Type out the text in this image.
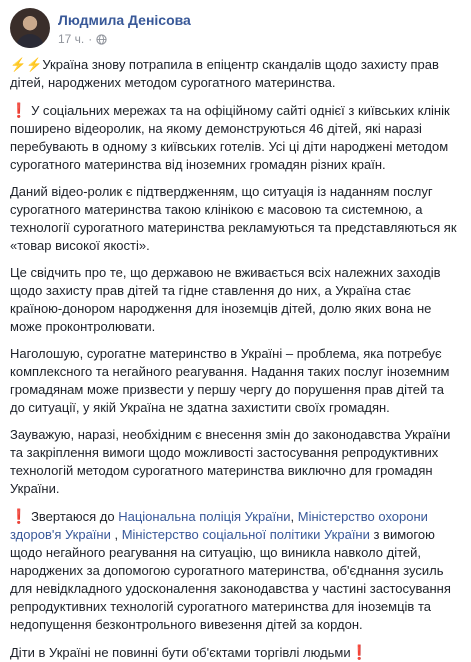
Людмила Денісова
17 ч. ·

⚡⚡Україна знову потрапила в епіцентр скандалів щодо захисту прав дітей, народжених методом сурогатного материнства.

❗ У соціальних мережах та на офіційному сайті однієї з київських клінік поширено відеоролик, на якому демонструються 46 дітей, які наразі перебувають в одному з київських готелів. Усі ці діти народжені методом сурогатного материнства від іноземних громадян різних країн.

Даний відео-ролик є підтвердженням, що ситуація із наданням послуг сурогатного материнства такою клінікою є масовою та системною, а технології сурогатного материнства рекламуються та представляються як «товар високої якості».

Це свідчить про те, що державою не вживається всіх належних заходів щодо захисту прав дітей та гідне ставлення до них, а Україна стає країною-донором народження для іноземців дітей, долю яких вона не може проконтролювати.

Наголошую, сурогатне материнство в Україні – проблема, яка потребує комплексного та негайного реагування. Надання таких послуг іноземним громадянам може призвести у першу чергу до порушення прав дітей та до ситуації, у якій Україна не здатна захистити своїх громадян.

Зауважую, наразі, необхідним є внесення змін до законодавства України та закріплення вимоги щодо можливості застосування репродуктивних технологій методом сурогатного материнства виключно для громадян України.

❗ Звертаюся до Національна поліція України, Міністерство охорони здоров'я України , Міністерство соціальної політики України з вимогою щодо негайного реагування на ситуацію, що виникла навколо дітей, народжених за допомогою сурогатного материнства, об'єднання зусиль для невідкладного удосконалення законодавства у частині застосування репродуктивних технологій сурогатного материнства для іноземців та недопущення безконтрольного вивезення дітей за кордон.

Діти в Україні не повинні бути об'єктами торгівлі людьми❗
